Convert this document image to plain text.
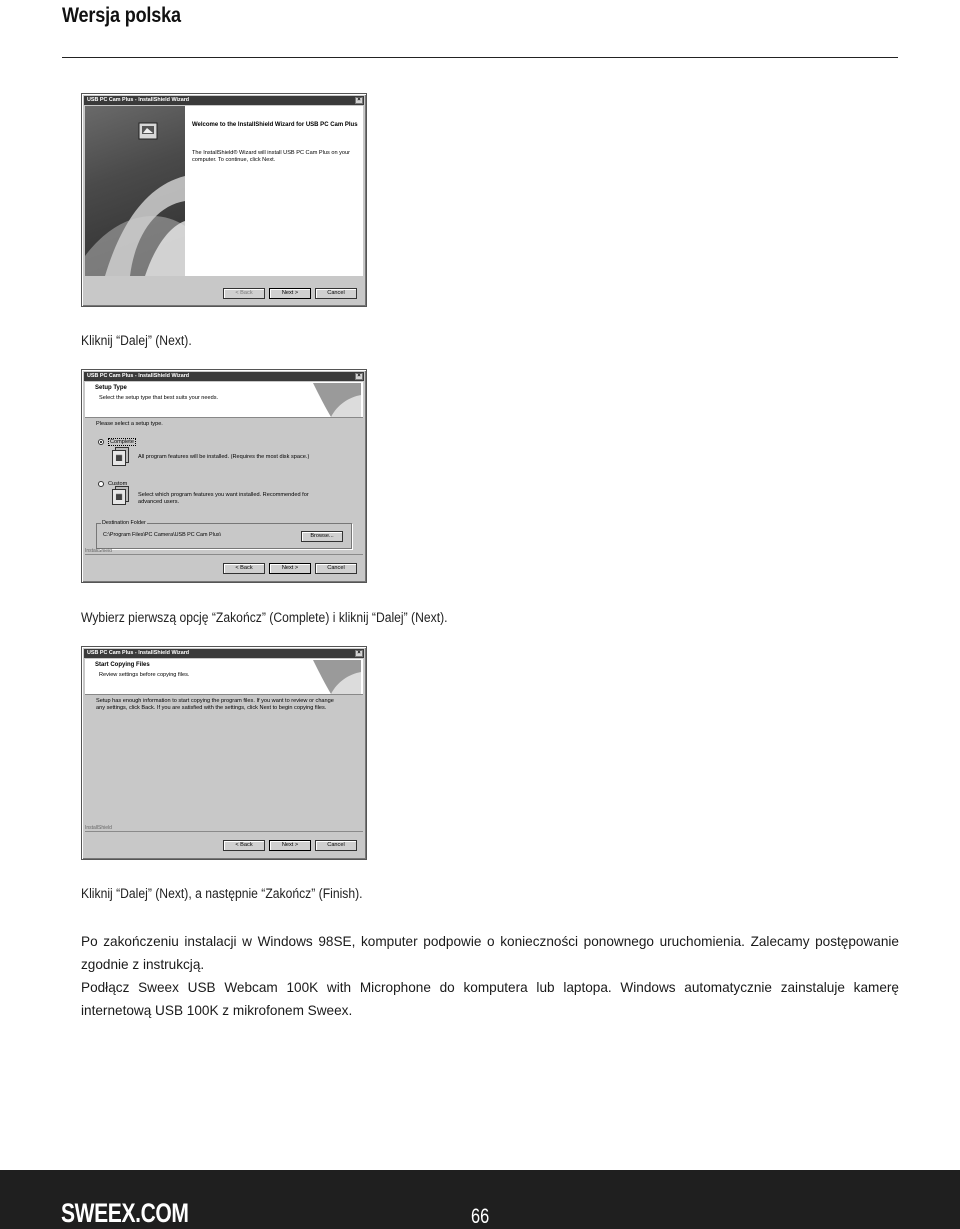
Wersja polska
USB PC Cam Plus - InstallShield Wizard	×
Welcome to the InstallShield Wizard for USB PC Cam Plus
The InstallShield® Wizard will install USB PC Cam Plus on your computer. To continue, click Next.
< Back	Next >	Cancel
Kliknij “Dalej” (Next).
USB PC Cam Plus - InstallShield Wizard	×
Setup Type
Select the setup type that best suits your needs.
Please select a setup type.
Complete
▦	All program features will be installed. (Requires the most disk space.)
Custom
▦	Select which program features you want installed. Recommended for advanced users.
Destination Folder
C:\Program Files\PC Camera\USB PC Cam Plus\	Browse...
InstallShield
< Back	Next >	Cancel
Wybierz pierwszą opcję “Zakończ” (Complete) i kliknij “Dalej” (Next).
USB PC Cam Plus - InstallShield Wizard	×
Start Copying Files
Review settings before copying files.
Setup has enough information to start copying the program files. If you want to review or change any settings, click Back. If you are satisfied with the settings, click Next to begin copying files.
InstallShield
< Back	Next >	Cancel
Kliknij “Dalej” (Next), a następnie “Zakończ” (Finish).

Po zakończeniu instalacji w Windows 98SE, komputer podpowie o konieczności ponownego uruchomienia. Zalecamy postępowanie zgodnie z instrukcją.

Podłącz Sweex USB Webcam 100K with Microphone do komputera lub laptopa. Windows automatycznie zainstaluje kamerę internetową USB 100K z mikrofonem Sweex.

SWEEX.COM	66
